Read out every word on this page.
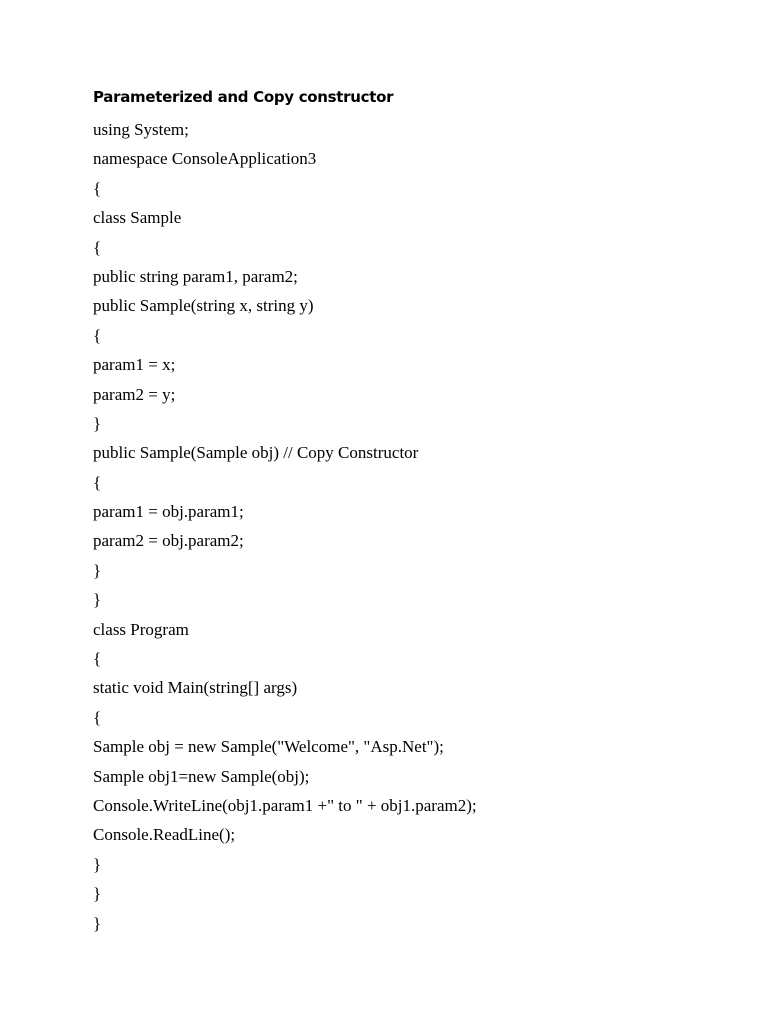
Parameterized and Copy constructor
using System;
namespace ConsoleApplication3
{
class Sample
{
public string param1, param2;
public Sample(string x, string y)
{
param1 = x;
param2 = y;
}
public Sample(Sample obj) // Copy Constructor
{
param1 = obj.param1;
param2 = obj.param2;
}
}
class Program
{
static void Main(string[] args)
{
Sample obj = new Sample("Welcome", "Asp.Net");
Sample obj1=new Sample(obj);
Console.WriteLine(obj1.param1 +" to " + obj1.param2);
Console.ReadLine();
}
}
}
